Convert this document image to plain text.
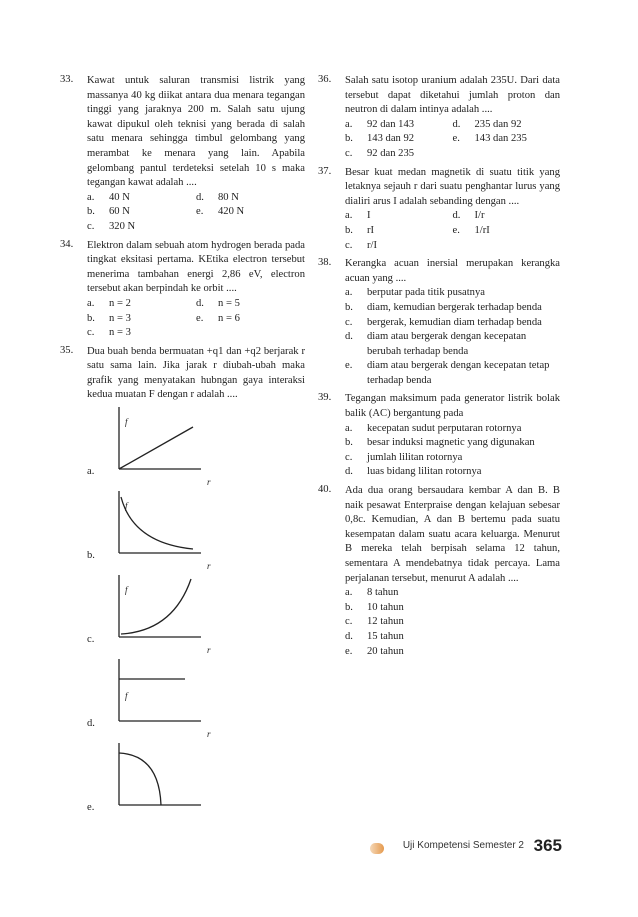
33.	Kawat untuk saluran transmisi listrik yang massanya 40 kg diikat antara dua menara tegangan tinggi yang jaraknya 200 m. Salah satu ujung kawat dipukul oleh teknisi yang berada di salah satu menara sehingga timbul gelombang yang merambat ke menara yang lain. Apabila gelombang pantul terdeteksi setelah 10 s maka tegangan kawat adalah ....
a.	40 N	d.	80 N
b.	60 N	e.	420 N
c.	320 N
34.	Elektron dalam sebuah atom hydrogen berada pada tingkat eksitasi pertama. KEtika electron tersebut menerima tambahan energi 2,86 eV, electron tersebut akan berpindah ke orbit ....
a.	n = 2	d.	n = 5
b.	n = 3	e.	n = 6
c.	n = 3
35.	Dua buah benda bermuatan +q1 dan +q2 berjarak r satu sama lain. Jika jarak r diubah-ubah maka grafik yang menyatakan hubngan gaya interaksi kedua muatan F dengan r adalah ....
a.
f
r
b.
f
r
c.
f
r
d.
f
r
e.
36.	Salah satu isotop uranium adalah 235U. Dari data tersebut dapat diketahui jumlah proton dan neutron di dalam intinya adalah ....
a.	92 dan 143	d.	235 dan 92
b.	143 dan 92	e.	143 dan 235
c.	92 dan 235
37.	Besar kuat medan magnetik di suatu titik yang letaknya sejauh r dari suatu penghantar lurus yang dialiri arus I adalah sebanding dengan ....
a.	I	d.	I/r
b.	rI	e.	1/rI
c.	r/I
38.	Kerangka acuan inersial merupakan kerangka acuan yang ....
a.	berputar pada titik pusatnya
b.	diam, kemudian bergerak terhadap benda
c.	bergerak, kemudian diam terhadap benda
d.	diam atau bergerak dengan kecepatan berubah terhadap benda
e.	diam atau bergerak dengan kecepatan tetap terhadap benda
39.	Tegangan maksimum pada generator listrik bolak balik (AC) bergantung pada
a.	kecepatan sudut perputaran rotornya
b.	besar induksi magnetic yang digunakan
c.	jumlah lilitan rotornya
d.	luas bidang lilitan rotornya
40.	Ada dua orang bersaudara kembar A dan B. B naik pesawat Enterpraise dengan kelajuan sebesar 0,8c. Kemudian, A dan B bertemu pada suatu kesempatan dalam suatu acara keluarga. Menurut B mereka telah berpisah selama 12 tahun, sementara A mendebatnya tidak percaya. Lama perjalanan tersebut, menurut A adalah ....
a.	8 tahun
b.	10 tahun
c.	12 tahun
d.	15 tahun
e.	20 tahun
Uji Kompetensi Semester 2 365
